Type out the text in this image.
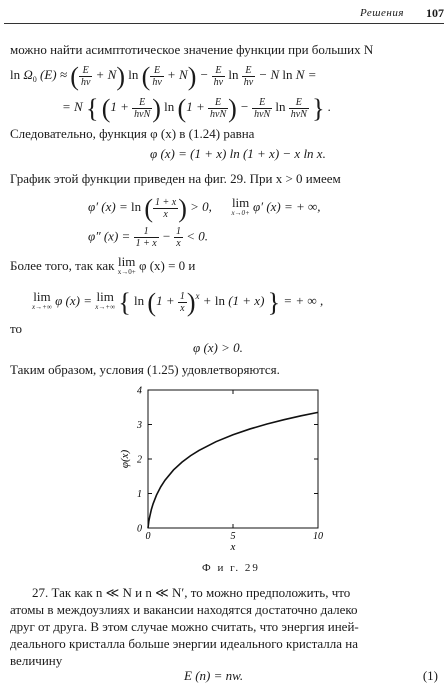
Решения 107
можно найти асимптотическое значение функции при больших N
$\ln \Omega_0$ (E) ≈ ( $\frac{E}{h\nu} + N$) ln ( $\frac{E}{h\nu} + N) - \frac{E}{h\nu}$ $\ln \frac{E}{h\nu} - N$ ln N =
= N { ($1 + \frac{E}{\text{hνN}}$ ) $\ln (1 + \frac{E}{\text{hνN}}$ ) − $\frac{E}{\text{hνN}}$ $\ln \frac{E}{\text{hνN}}$ } .
Следовательно, функция φ (x) в (1.24) равна
φ (x) = (1 + x) ln (1 + x) − x ln x.
График этой функции приведен на фиг. 29. При x > 0 имеем
φ′ (x) = ln ( $\frac{1 + x}{x}$ ) > 0, lim
x→0+ φ′ (x) = + ∞,
φ″ $(x) = \frac{1}{1 + x} - \frac{1}{x} < 0$.
Более того, так как lim
x→0+ φ (x) = 0 и
lim
x→+∞ φ (x) = lim
x→+∞ { $\ln (1 + \frac{1}{x} )^x + \ln (1 + x)$ } = + ∞ ,
то
φ (x) > 0.
Таким образом, условия (1.25) удовлетворяются.
0	5	10
0
1
2
3
4
x
φ(x)
Ф и г. 29
27. Так как n ≪ N и n ≪ N′, то можно предположить, что
атомы в междоузлиях и вакансии находятся достаточно далеко
друг от друга. В этом случае можно считать, что энергия иней-
деального кристалла больше энергии идеального кристалла на
величину
E (n) = nw.	(1)
